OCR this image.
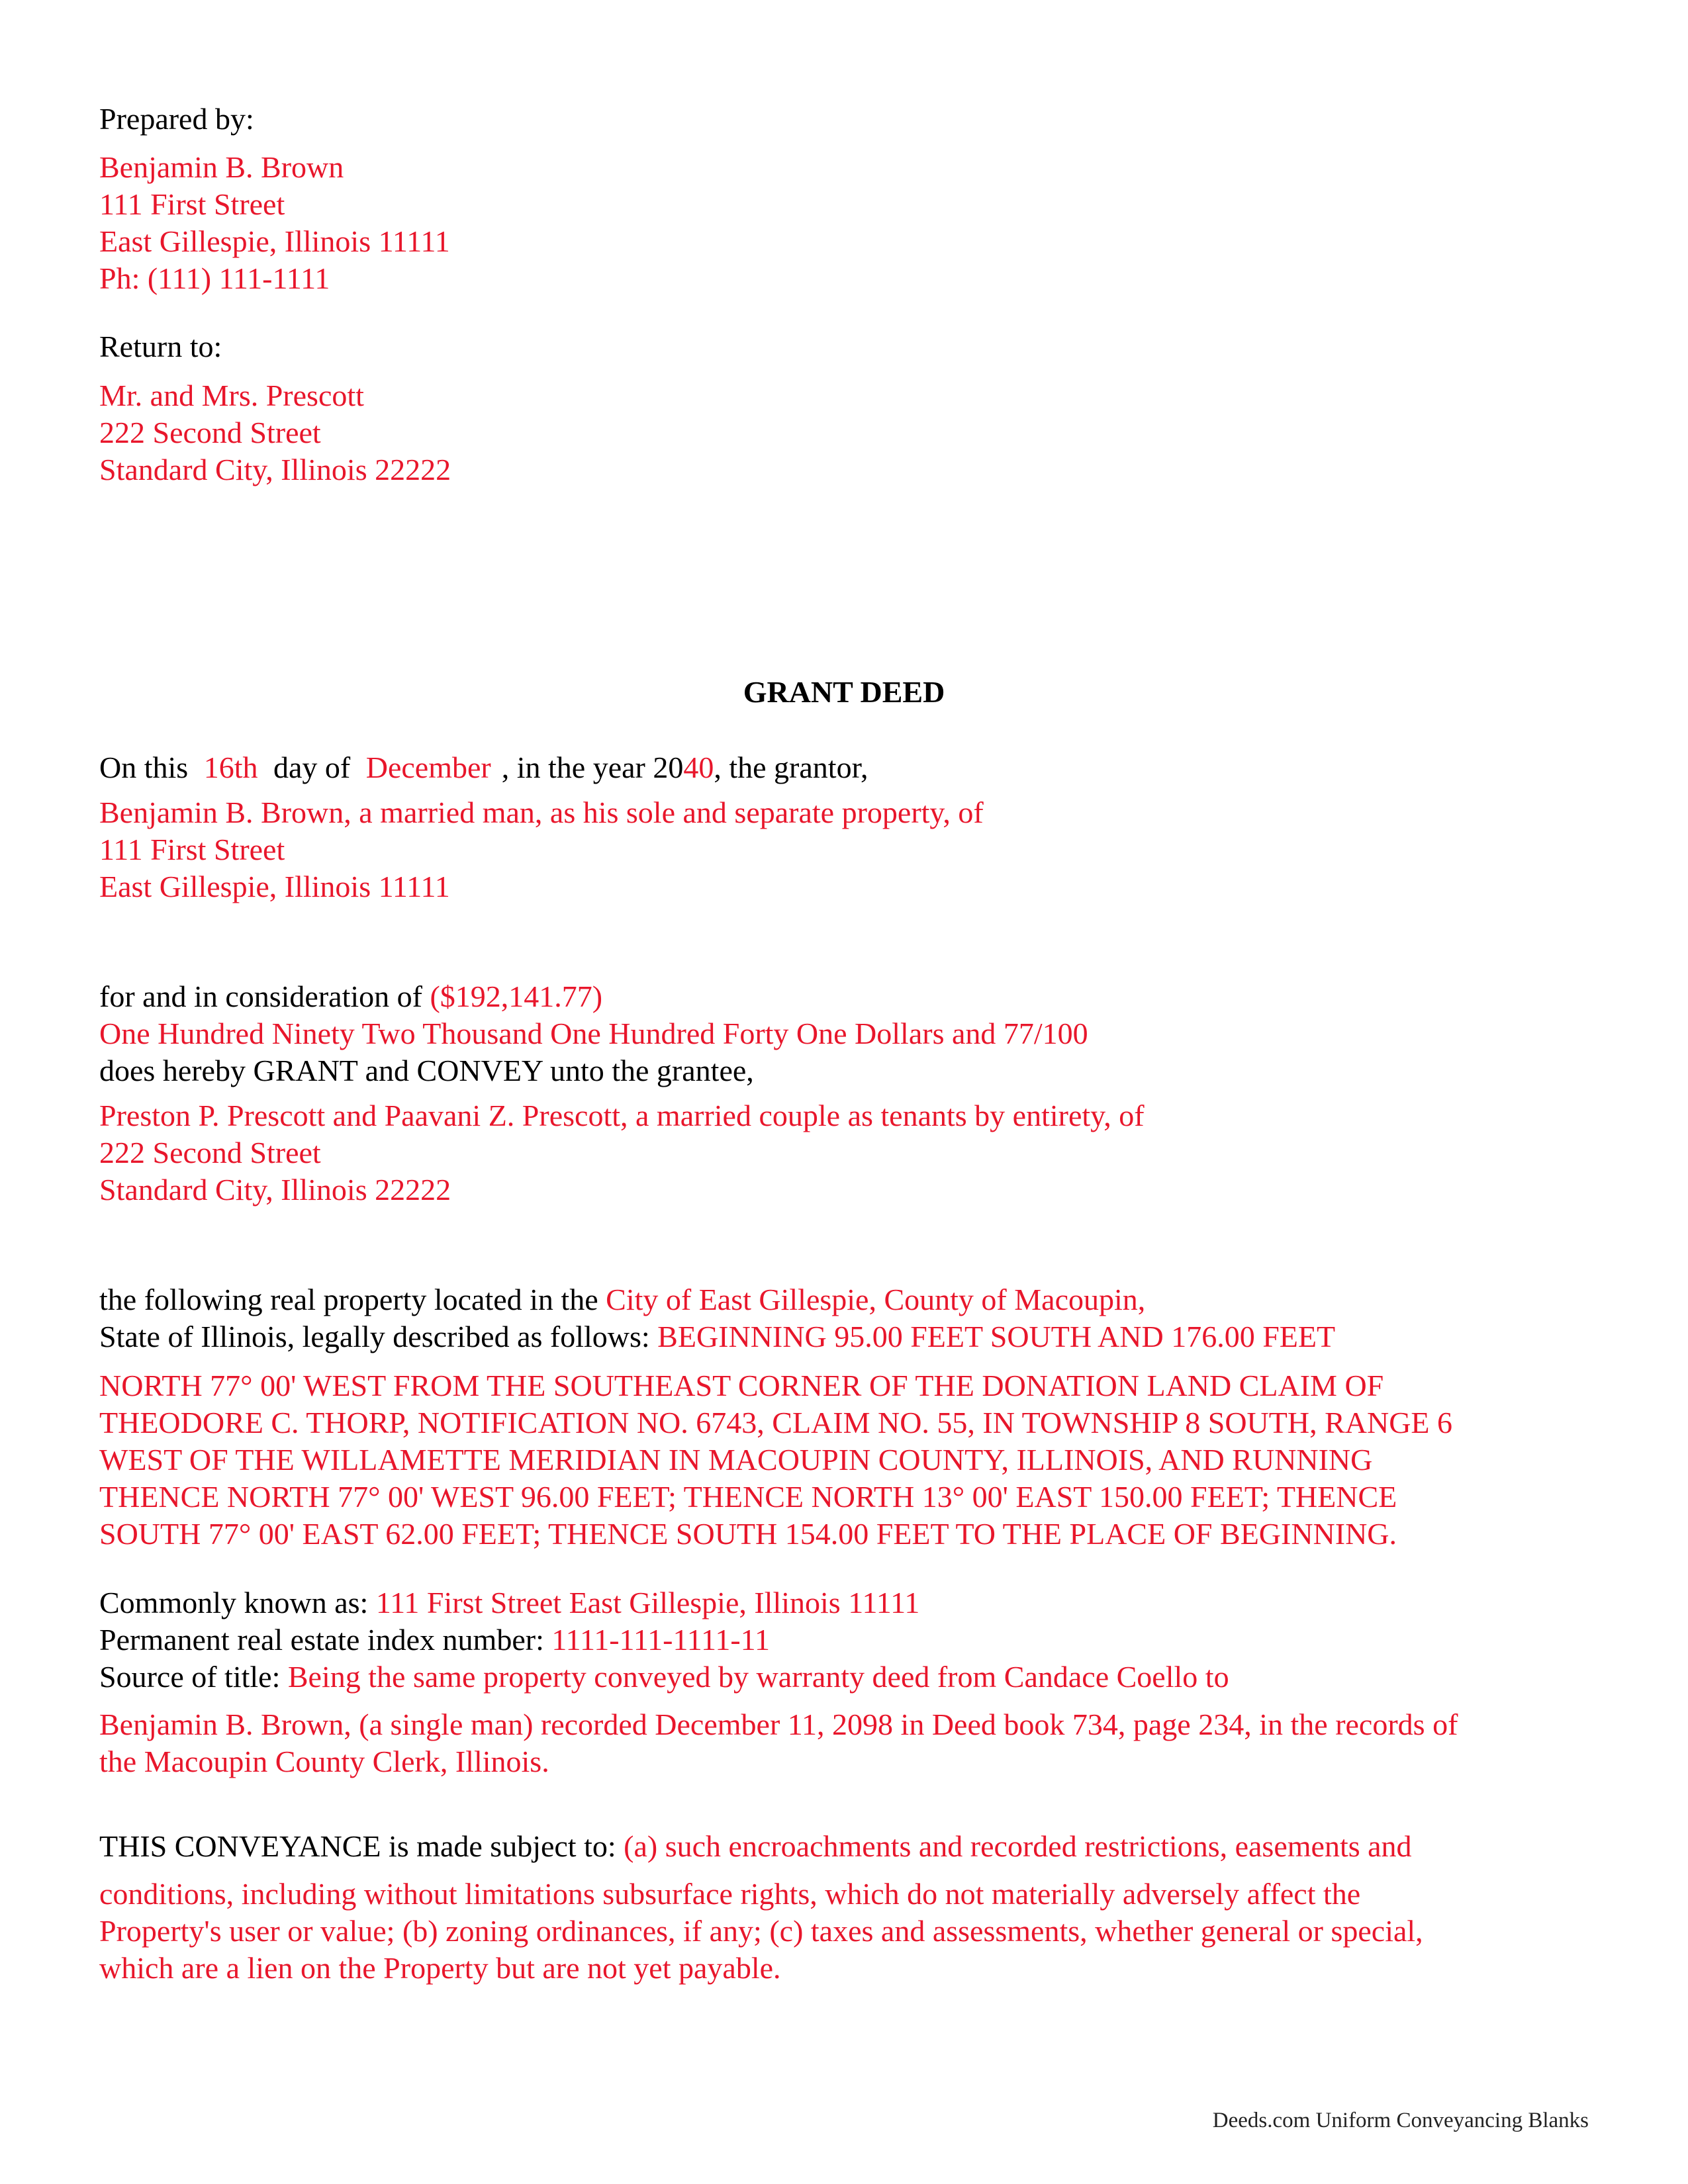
Prepared by:
Benjamin B. Brown
111 First Street
East Gillespie, Illinois 11111
Ph: (111) 111-1111
Return to:
Mr. and Mrs. Prescott
222 Second Street
Standard City, Illinois 22222
GRANT DEED
On this 16th day of December , in the year 2040, the grantor,
Benjamin B. Brown, a married man, as his sole and separate property, of
111 First Street
East Gillespie, Illinois 11111
for and in consideration of ($192,141.77)
One Hundred Ninety Two Thousand One Hundred Forty One Dollars and 77/100
does hereby GRANT and CONVEY unto the grantee,
Preston P. Prescott and Paavani Z. Prescott, a married couple as tenants by entirety, of
222 Second Street
Standard City, Illinois 22222
the following real property located in the City of East Gillespie, County of Macoupin,
State of Illinois, legally described as follows: BEGINNING 95.00 FEET SOUTH AND 176.00 FEET
NORTH 77° 00' WEST FROM THE SOUTHEAST CORNER OF THE DONATION LAND CLAIM OF
THEODORE C. THORP, NOTIFICATION NO. 6743, CLAIM NO. 55, IN TOWNSHIP 8 SOUTH, RANGE 6
WEST OF THE WILLAMETTE MERIDIAN IN MACOUPIN COUNTY, ILLINOIS, AND RUNNING
THENCE NORTH 77° 00' WEST 96.00 FEET; THENCE NORTH 13° 00' EAST 150.00 FEET; THENCE
SOUTH 77° 00' EAST 62.00 FEET; THENCE SOUTH 154.00 FEET TO THE PLACE OF BEGINNING.
Commonly known as: 111 First Street East Gillespie, Illinois 11111
Permanent real estate index number: 1111-111-1111-11
Source of title: Being the same property conveyed by warranty deed from Candace Coello to
Benjamin B. Brown, (a single man) recorded December 11, 2098 in Deed book 734, page 234, in the records of
the Macoupin County Clerk, Illinois.
THIS CONVEYANCE is made subject to: (a) such encroachments and recorded restrictions, easements and
conditions, including without limitations subsurface rights, which do not materially adversely affect the
Property's user or value; (b) zoning ordinances, if any; (c) taxes and assessments, whether general or special,
which are a lien on the Property but are not yet payable.
Deeds.com Uniform Conveyancing Blanks
